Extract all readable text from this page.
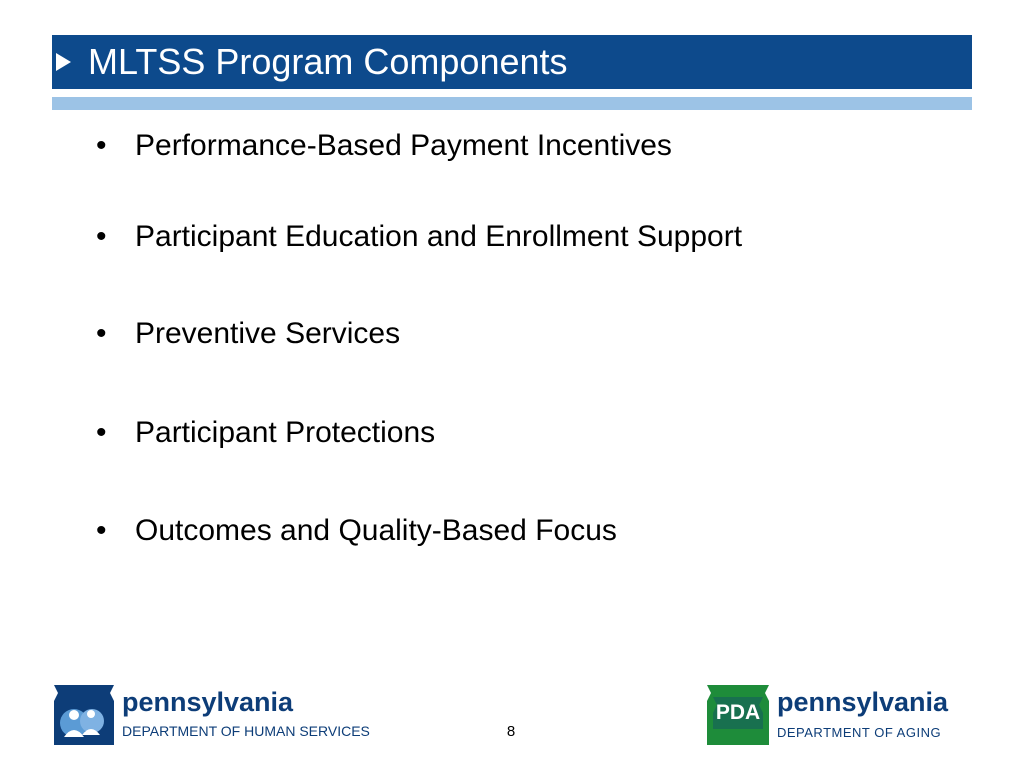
MLTSS Program Components
• Performance-Based Payment Incentives
• Participant Education and Enrollment Support
• Preventive Services
• Participant Protections
• Outcomes and Quality-Based Focus
pennsylvania
DEPARTMENT OF HUMAN SERVICES	8
PDA pennsylvania
DEPARTMENT OF AGING
